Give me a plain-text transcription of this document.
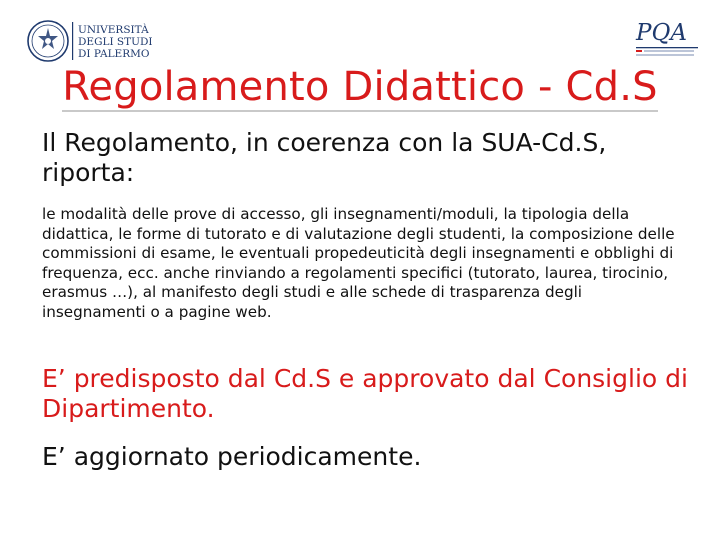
UNIVERSITÀ
DEGLI STUDI
DI PALERMO
PQA
Regolamento Didattico - Cd.S
Il Regolamento, in coerenza con la SUA-Cd.S, riporta:
le modalità delle prove di accesso, gli insegnamenti/moduli, la tipologia della didattica, le forme di tutorato e di valutazione degli studenti, la composizione delle commissioni di esame, le eventuali propedeuticità degli insegnamenti e obblighi di frequenza, ecc. anche rinviando a regolamenti specifici (tutorato, laurea, tirocinio, erasmus …), al manifesto degli studi e alle schede di trasparenza degli insegnamenti o a pagine web.
E’ predisposto dal Cd.S e approvato dal Consiglio di Dipartimento.
E’ aggiornato periodicamente.
